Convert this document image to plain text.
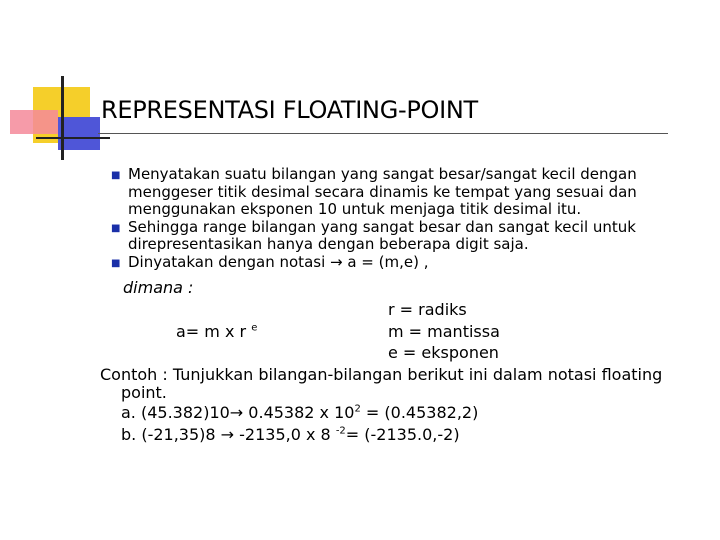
REPRESENTASI FLOATING-POINT
■ Menyatakan suatu bilangan yang sangat besar/sangat kecil dengan
menggeser titik desimal secara dinamis ke tempat yang sesuai dan
menggunakan eksponen 10 untuk menjaga titik desimal itu.
■ Sehingga range bilangan yang sangat besar dan sangat kecil untuk
direpresentasikan hanya dengan beberapa digit saja.
■ Dinyatakan dengan notasi → a = (m,e) ,
dimana :
a= m x r $^e$
r = radiks
m = mantissa
e = eksponen
Contoh : Tunjukkan bilangan-bilangan berikut ini dalam notasi floating
point.
a. (45.382)10→ 0.45382 x $10^2 = (0.45382,2)$
b. (-21,35)8 → -2135,0 x 8 $^{-2}$= (-2135.0,-2)
